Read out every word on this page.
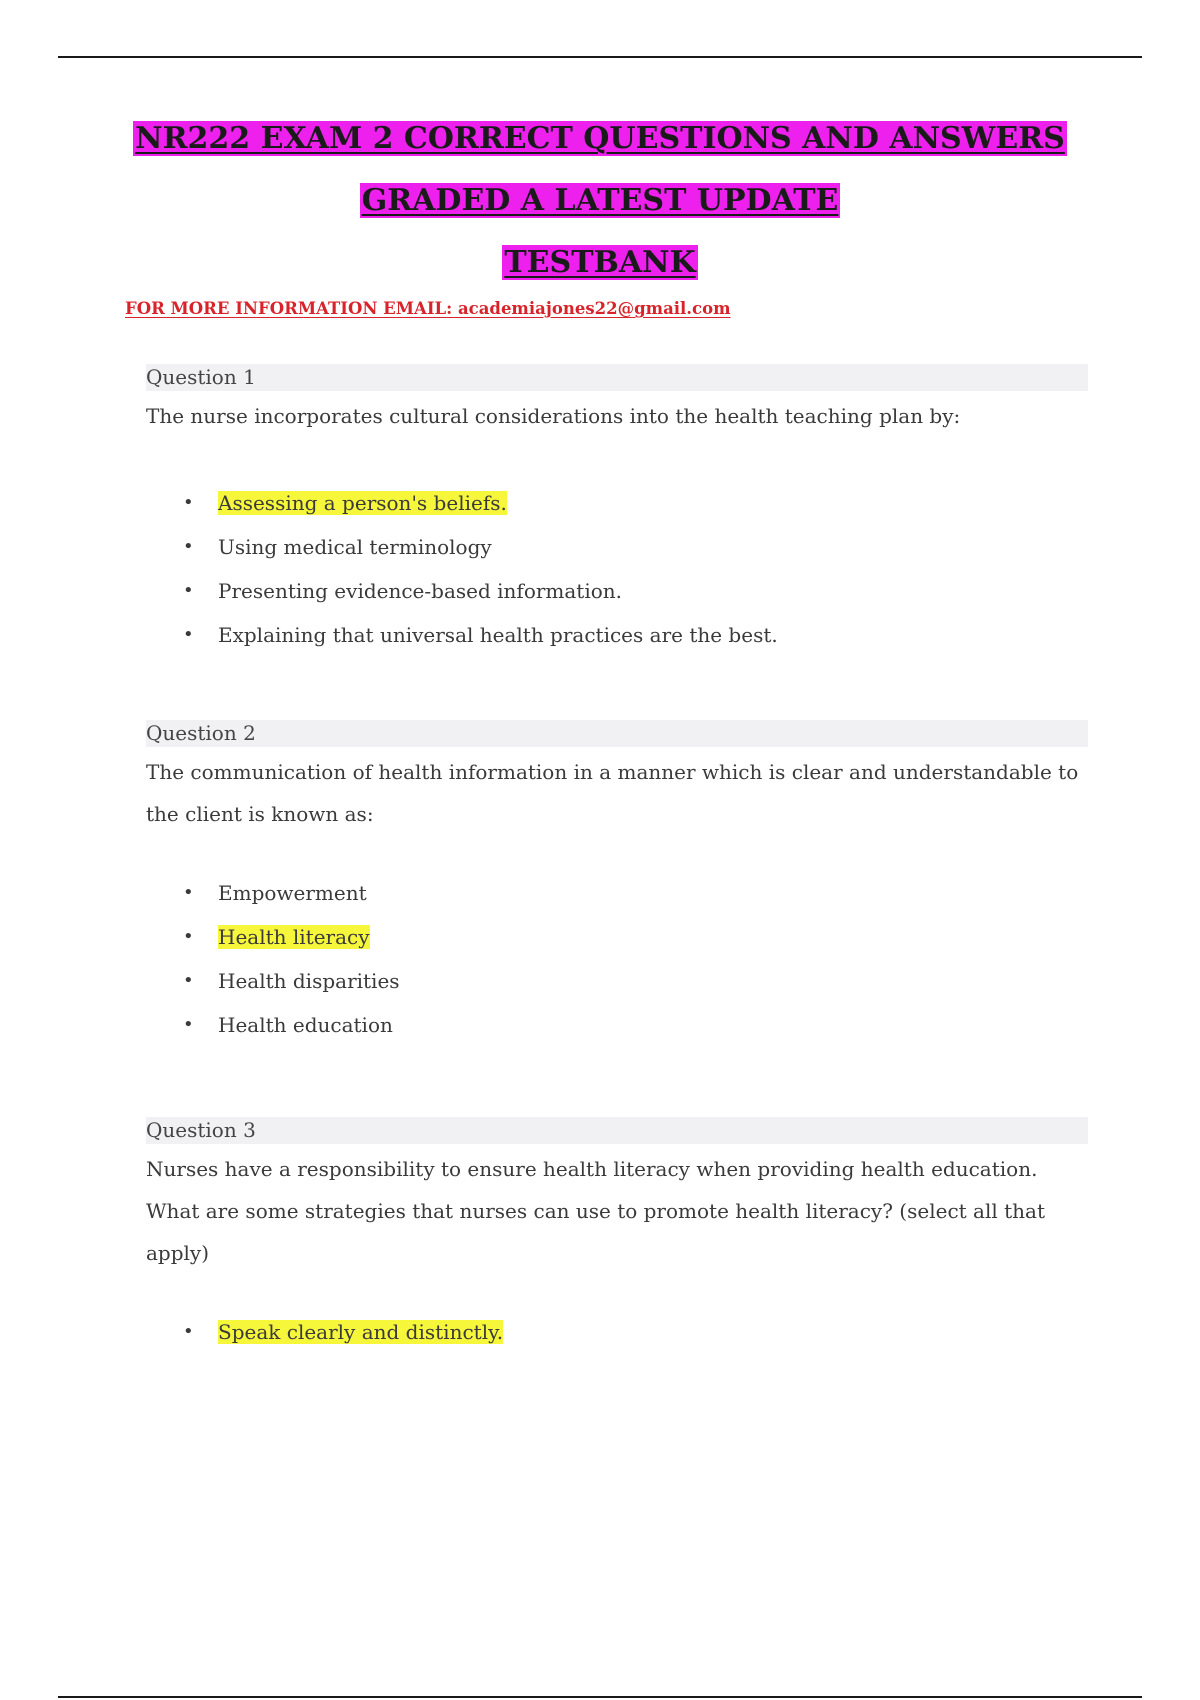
NR222 EXAM 2 CORRECT QUESTIONS AND ANSWERS
GRADED A LATEST UPDATE
TESTBANK
FOR MORE INFORMATION EMAIL: academiajones22@gmail.com
Question 1
The nurse incorporates cultural considerations into the health teaching plan by:
• Assessing a person's beliefs.
• Using medical terminology
• Presenting evidence-based information.
• Explaining that universal health practices are the best.
Question 2
The communication of health information in a manner which is clear and understandable to the client is known as:
• Empowerment
• Health literacy
• Health disparities
• Health education
Question 3
Nurses have a responsibility to ensure health literacy when providing health education. What are some strategies that nurses can use to promote health literacy? (select all that apply)
• Speak clearly and distinctly.
